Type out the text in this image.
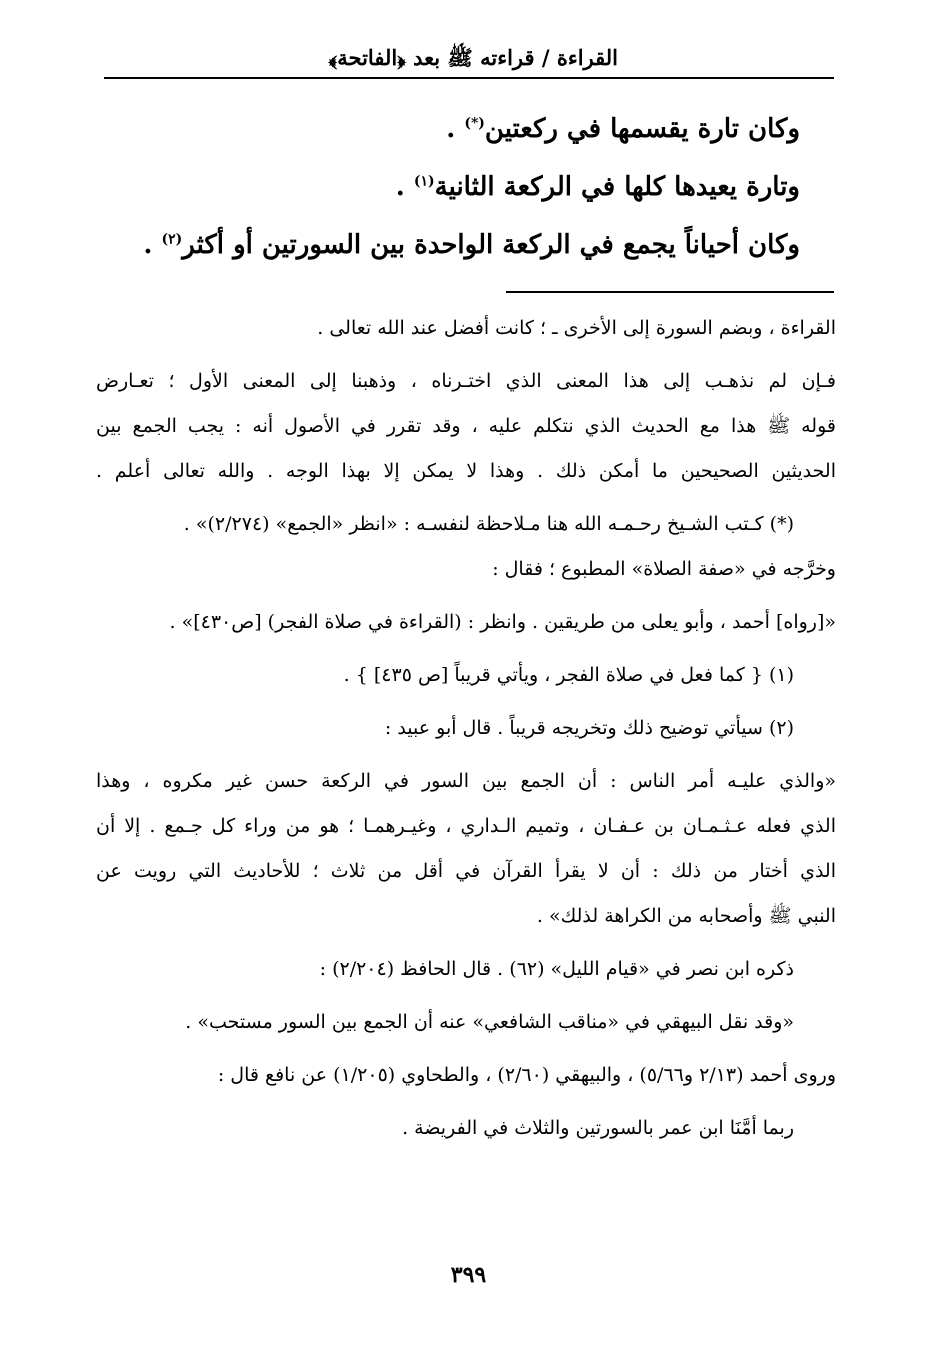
القراءة / قراءته ﷺ بعد ﴿الفاتحة﴾
وكان تارة يقسمها في ركعتين(*) .
وتارة يعيدها كلها في الركعة الثانية$^{(١)}$ .
وكان أحياناً يجمع في الركعة الواحدة بين السورتين أو أكثر$^{(٢)}$ .
القراءة ، وبضم السورة إلى الأخرى ـ ؛ كانت أفضل عند الله تعالى .
فـإن لم نذهـب إلى هذا المعنى الذي اختـرناه ، وذهبنا إلى المعنى الأول ؛ تعـارض
قوله ﷺ هذا مع الحديث الذي نتكلم عليه ، وقد تقرر في الأصول أنه : يجب الجمع بين
الحديثين الصحيحين ما أمكن ذلك . وهذا لا يمكن إلا بهذا الوجه . والله تعالى أعلم .
(*) كـتب الشـيخ رحـمـه الله هنا مـلاحظة لنفسـه : «انظر «الجمع» (٢/٢٧٤)» .
وخرَّجه في «صفة الصلاة» المطبوع ؛ فقال :
«[رواه] أحمد ، وأبو يعلى من طريقين . وانظر : (القراءة في صلاة الفجر) [ص٤٣٠]» .
(١) { كما فعل في صلاة الفجر ، ويأتي قريباً [ص ٤٣٥] } .
(٢) سيأتي توضيح ذلك وتخريجه قريباً . قال أبو عبيد :
«والذي عليـه أمر الناس : أن الجمع بين السور في الركعة حسن غير مكروه ، وهذا
الذي فعله عـثـمـان بن عـفـان ، وتميم الـداري ، وغيـرهمـا ؛ هو من وراء كل جـمع . إلا أن
الذي أختار من ذلك : أن لا يقرأ القرآن في أقل من ثلاث ؛ للأحاديث التي رويت عن
النبي ﷺ وأصحابه من الكراهة لذلك» .
ذكره ابن نصر في «قيام الليل» (٦٢) . قال الحافظ (٢/٢٠٤) :
«وقد نقل البيهقي في «مناقب الشافعي» عنه أن الجمع بين السور مستحب» .
وروى أحمد (٢/١٣ و٥/٦٦) ، والبيهقي (٢/٦٠) ، والطحاوي (١/٢٠٥) عن نافع قال :
ربما أمَّنَا ابن عمر بالسورتين والثلاث في الفريضة .
٣٩٩
